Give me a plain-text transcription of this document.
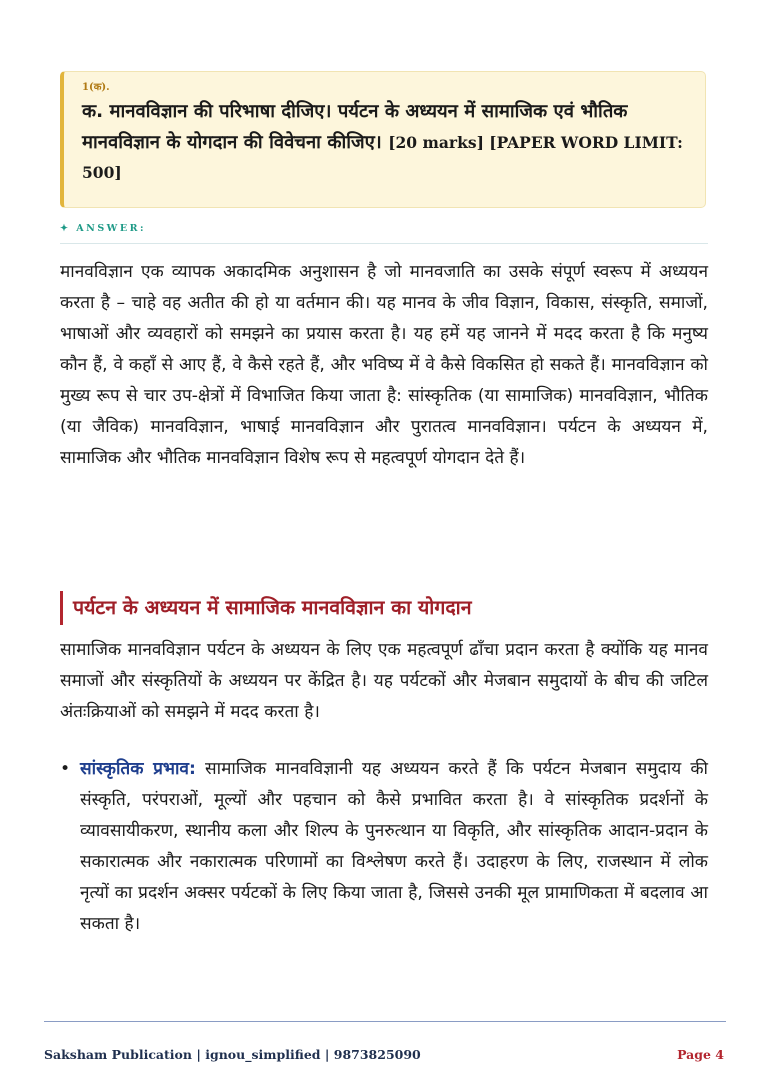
1(क).
क. मानवविज्ञान की परिभाषा दीजिए। पर्यटन के अध्ययन में सामाजिक एवं भौतिक मानवविज्ञान के योगदान की विवेचना कीजिए। [20 marks] [PAPER WORD LIMIT: 500]
✦ ANSWER:

मानवविज्ञान एक व्यापक अकादमिक अनुशासन है जो मानवजाति का उसके संपूर्ण स्वरूप में अध्ययन करता है – चाहे वह अतीत की हो या वर्तमान की। यह मानव के जीव विज्ञान, विकास, संस्कृति, समाजों, भाषाओं और व्यवहारों को समझने का प्रयास करता है। यह हमें यह जानने में मदद करता है कि मनुष्य कौन हैं, वे कहाँ से आए हैं, वे कैसे रहते हैं, और भविष्य में वे कैसे विकसित हो सकते हैं। मानवविज्ञान को मुख्य रूप से चार उप-क्षेत्रों में विभाजित किया जाता है: सांस्कृतिक (या सामाजिक) मानवविज्ञान, भौतिक (या जैविक) मानवविज्ञान, भाषाई मानवविज्ञान और पुरातत्व मानवविज्ञान। पर्यटन के अध्ययन में, सामाजिक और भौतिक मानवविज्ञान विशेष रूप से महत्वपूर्ण योगदान देते हैं।

पर्यटन के अध्ययन में सामाजिक मानवविज्ञान का योगदान

सामाजिक मानवविज्ञान पर्यटन के अध्ययन के लिए एक महत्वपूर्ण ढाँचा प्रदान करता है क्योंकि यह मानव समाजों और संस्कृतियों के अध्ययन पर केंद्रित है। यह पर्यटकों और मेजबान समुदायों के बीच की जटिल अंतःक्रियाओं को समझने में मदद करता है।

• सांस्कृतिक प्रभाव: सामाजिक मानवविज्ञानी यह अध्ययन करते हैं कि पर्यटन मेजबान समुदाय की संस्कृति, परंपराओं, मूल्यों और पहचान को कैसे प्रभावित करता है। वे सांस्कृतिक प्रदर्शनों के व्यावसायीकरण, स्थानीय कला और शिल्प के पुनरुत्थान या विकृति, और सांस्कृतिक आदान-प्रदान के सकारात्मक और नकारात्मक परिणामों का विश्लेषण करते हैं। उदाहरण के लिए, राजस्थान में लोक नृत्यों का प्रदर्शन अक्सर पर्यटकों के लिए किया जाता है, जिससे उनकी मूल प्रामाणिकता में बदलाव आ सकता है।

Saksham Publication | ignou_simplified | 9873825090	Page 4
